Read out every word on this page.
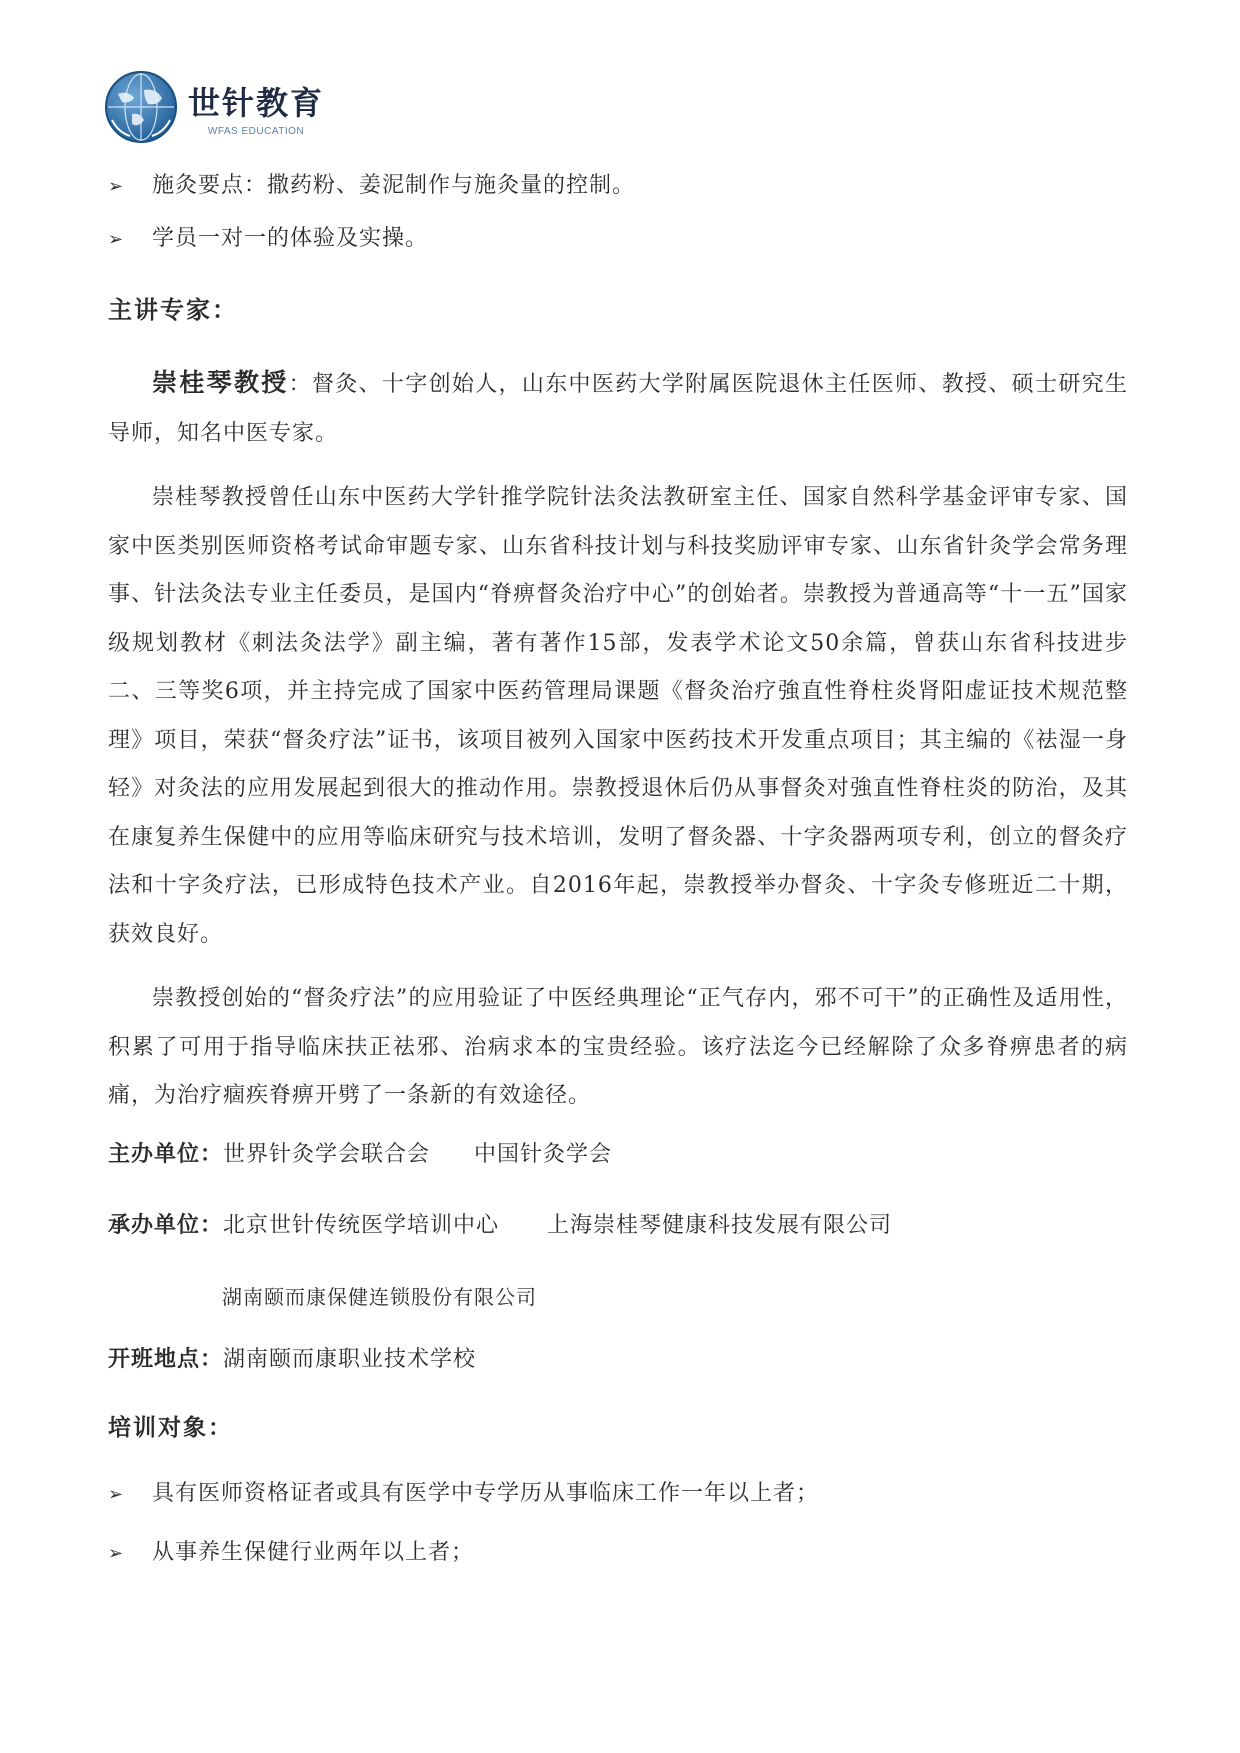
世针教育
WFAS EDUCATION
➢	施灸要点：撒药粉、姜泥制作与施灸量的控制。
➢	学员一对一的体验及实操。
主讲专家：

崇桂琴教授：督灸、十字创始人，山东中医药大学附属医院退休主任医师、教授、硕士研究生导师，知名中医专家。

崇桂琴教授曾任山东中医药大学针推学院针法灸法教研室主任、国家自然科学基金评审专家、国家中医类别医师资格考试命审题专家、山东省科技计划与科技奖励评审专家、山东省针灸学会常务理事、针法灸法专业主任委员，是国内“脊痹督灸治疗中心”的创始者。崇教授为普通高等“十一五”国家级规划教材《刺法灸法学》副主编，著有著作15部，发表学术论文50余篇，曾获山东省科技进步二、三等奖6项，并主持完成了国家中医药管理局课题《督灸治疗強直性脊柱炎肾阳虚证技术规范整理》项目，荣获“督灸疗法”证书，该项目被列入国家中医药技术开发重点项目；其主编的《祛湿一身轻》对灸法的应用发展起到很大的推动作用。崇教授退休后仍从事督灸对強直性脊柱炎的防治，及其在康复养生保健中的应用等临床研究与技术培训，发明了督灸器、十字灸器两项专利，创立的督灸疗法和十字灸疗法，已形成特色技术产业。自2016年起，崇教授举办督灸、十字灸专修班近二十期，获效良好。

崇教授创始的“督灸疗法”的应用验证了中医经典理论“正气存内，邪不可干”的正确性及适用性，积累了可用于指导临床扶正祛邪、治病求本的宝贵经验。该疗法迄今已经解除了众多脊痹患者的病痛，为治疗痼疾脊痹开劈了一条新的有效途径。

主办单位： 世界针灸学会联合会 中国针灸学会
承办单位： 北京世针传统医学培训中心 上海崇桂琴健康科技发展有限公司
湖南颐而康保健连锁股份有限公司
开班地点： 湖南颐而康职业技术学校
培训对象：
➢	具有医师资格证者或具有医学中专学历从事临床工作一年以上者；
➢	从事养生保健行业两年以上者；
